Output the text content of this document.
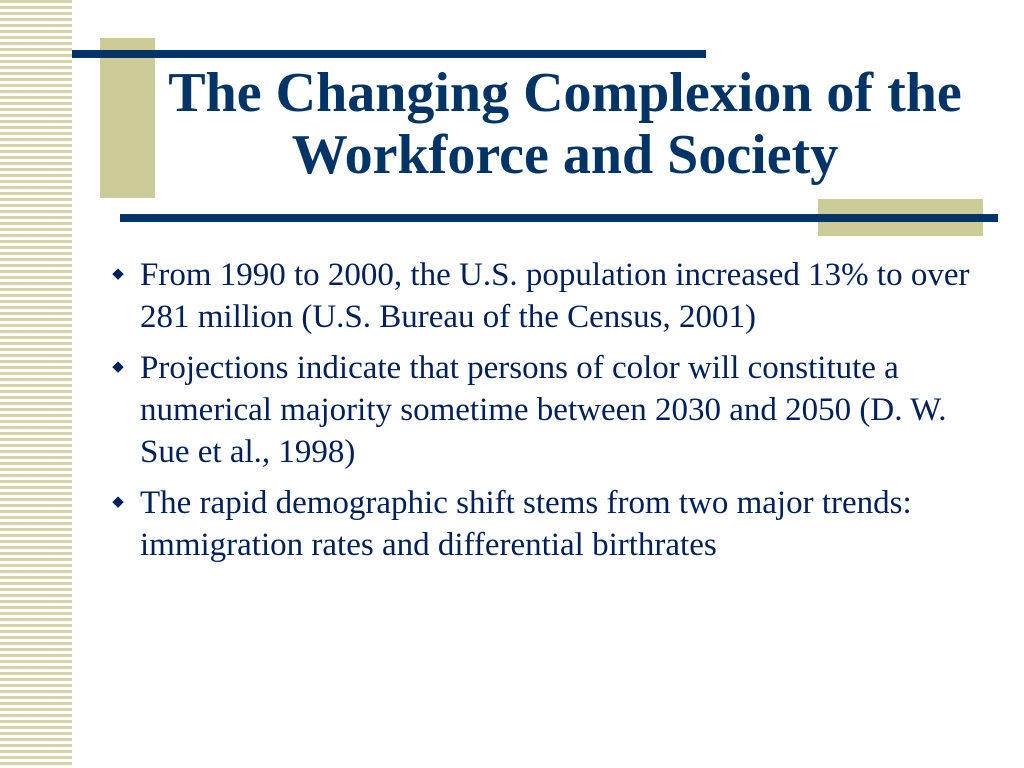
The Changing Complexion of the Workforce and Society
◆ From 1990 to 2000, the U.S. population increased 13% to over 281 million (U.S. Bureau of the Census, 2001)
◆ Projections indicate that persons of color will constitute a numerical majority sometime between 2030 and 2050 (D. W. Sue et al., 1998)
◆ The rapid demographic shift stems from two major trends: immigration rates and differential birthrates
